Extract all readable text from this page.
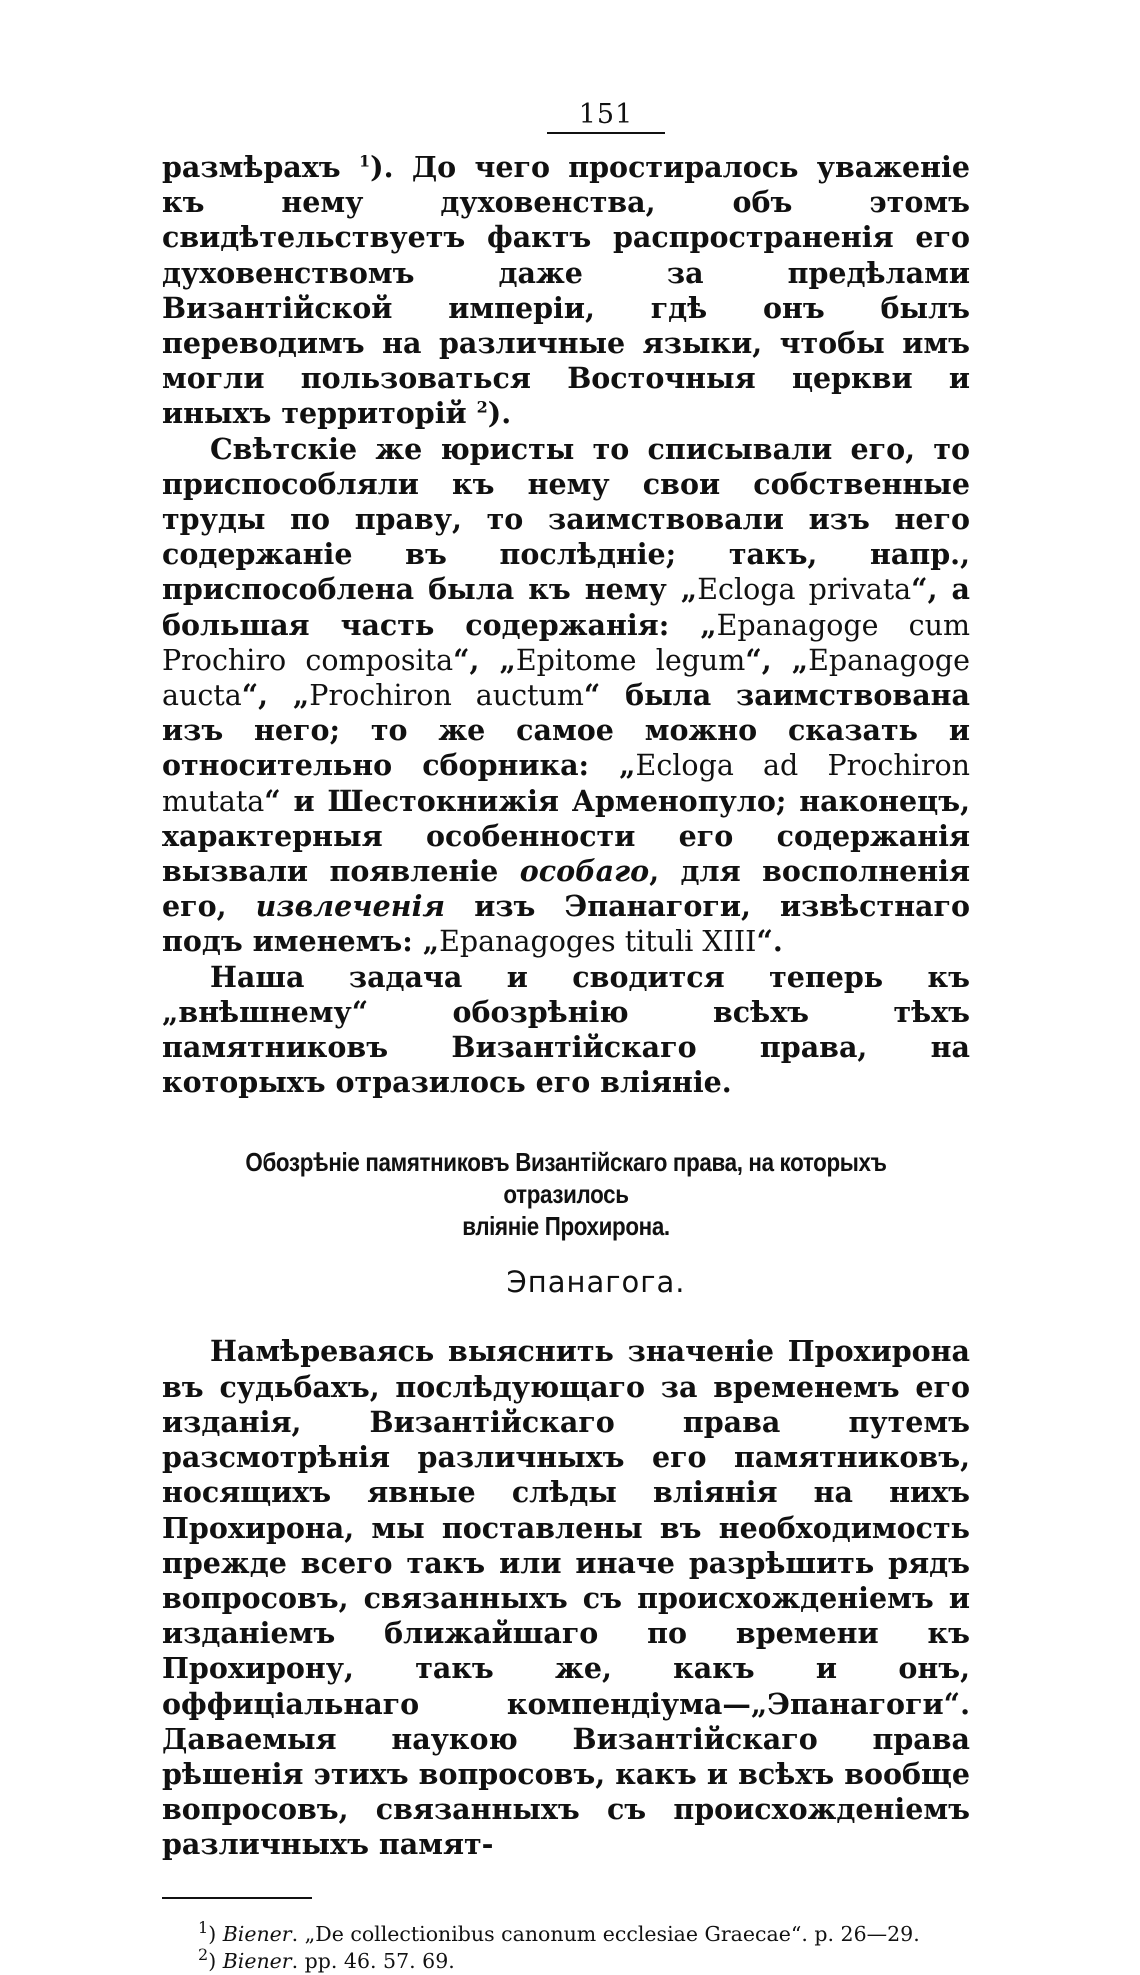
151

размѣрахъ $^1$). До чего простиралось уваженіе къ нему духовенства, объ этомъ свидѣтельствуетъ фактъ распространенія его духовенствомъ даже за предѣлами Византійской имперіи, гдѣ онъ былъ переводимъ на различные языки, чтобы имъ могли пользоваться Восточныя церкви и иныхъ территорій $^2$).

Свѣтскіе же юристы то списывали его, то приспособляли къ нему свои собственные труды по праву, то заимствовали изъ него содержаніе въ послѣдніе; такъ, напр., приспособлена была къ нему „Ecloga privata“, а большая часть содержанія: „Epanagoge cum Prochiro composita“, „Epitome legum“, „Epanagoge aucta“, „Prochiron auctum“ была заимствована изъ него; то же самое можно сказать и относительно сборника: „Ecloga ad Prochiron mutata“ и Шестокнижія Арменопуло; наконецъ, характерныя особенности его содержанія вызвали появленіе особаго, для восполненія его, извлеченія изъ Эпанагоги, извѣстнаго подъ именемъ: „Epanagoges tituli XIII“.

Наша задача и сводится теперь къ „внѣшнему“ обозрѣнію всѣхъ тѣхъ памятниковъ Византійскаго права, на которыхъ отразилось его вліяніе.

Обозрѣніе памятниковъ Византійскаго права, на которыхъ отразилось
вліяніе Прохирона.
Эпанагога.

Намѣреваясь выяснить значеніе Прохирона въ судьбахъ, послѣдующаго за временемъ его изданія, Византійскаго права путемъ разсмотрѣнія различныхъ его памятниковъ, носящихъ явные слѣды вліянія на нихъ Прохирона, мы поставлены въ необходимость прежде всего такъ или иначе разрѣшить рядъ вопросовъ, связанныхъ съ происхожденіемъ и изданіемъ ближайшаго по времени къ Прохирону, такъ же, какъ и онъ, оффиціальнаго компендіума—„Эпанагоги“. Даваемыя наукою Византійскаго права рѣшенія этихъ вопросовъ, какъ и всѣхъ вообще вопросовъ, связанныхъ съ происхожденіемъ различныхъ памят-

$^1$) Biener. „De collectionibus canonum ecclesiae Graecae“. p. 26—29.
$^2$) Biener. pp. 46. 57. 69.
